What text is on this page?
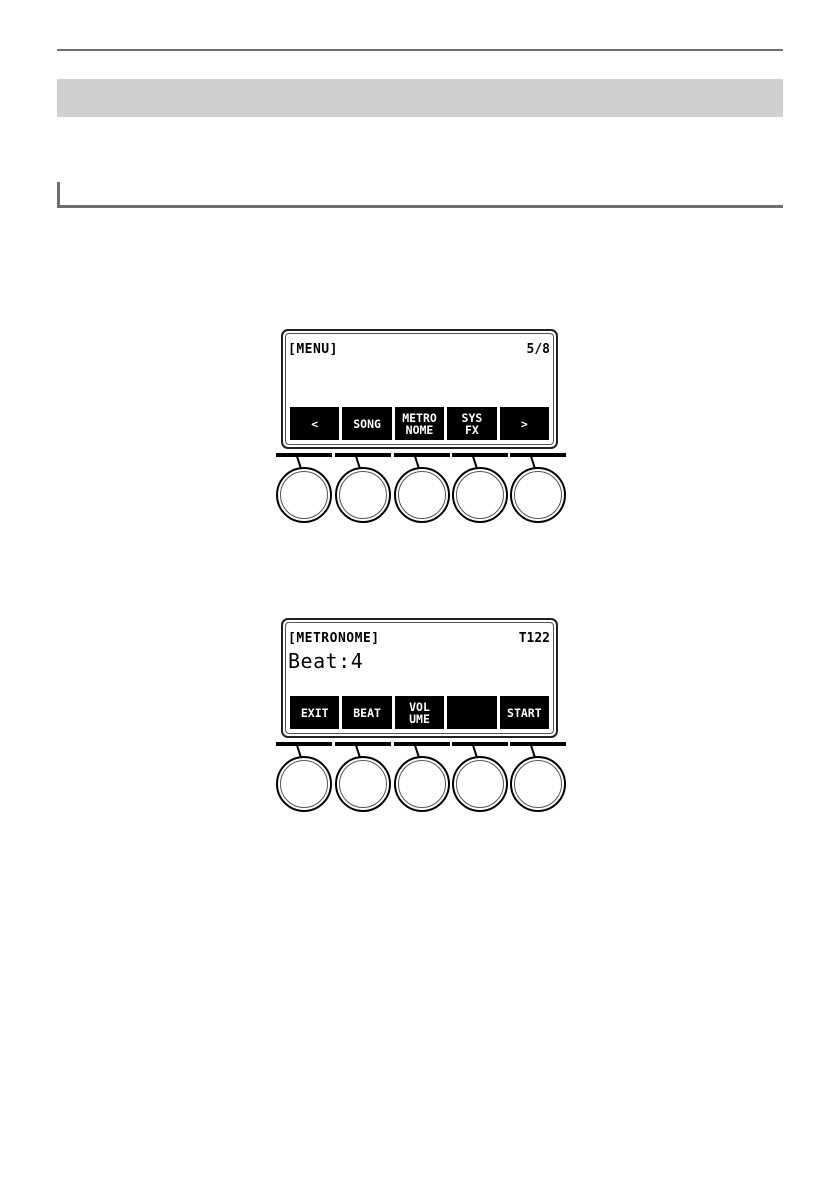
[MENU]	5/8
<	SONG	METRO
NOME
SYS
FX	>
[METRONOME]	T122
Beat:4
EXIT	BEAT	VOL
UME	START
